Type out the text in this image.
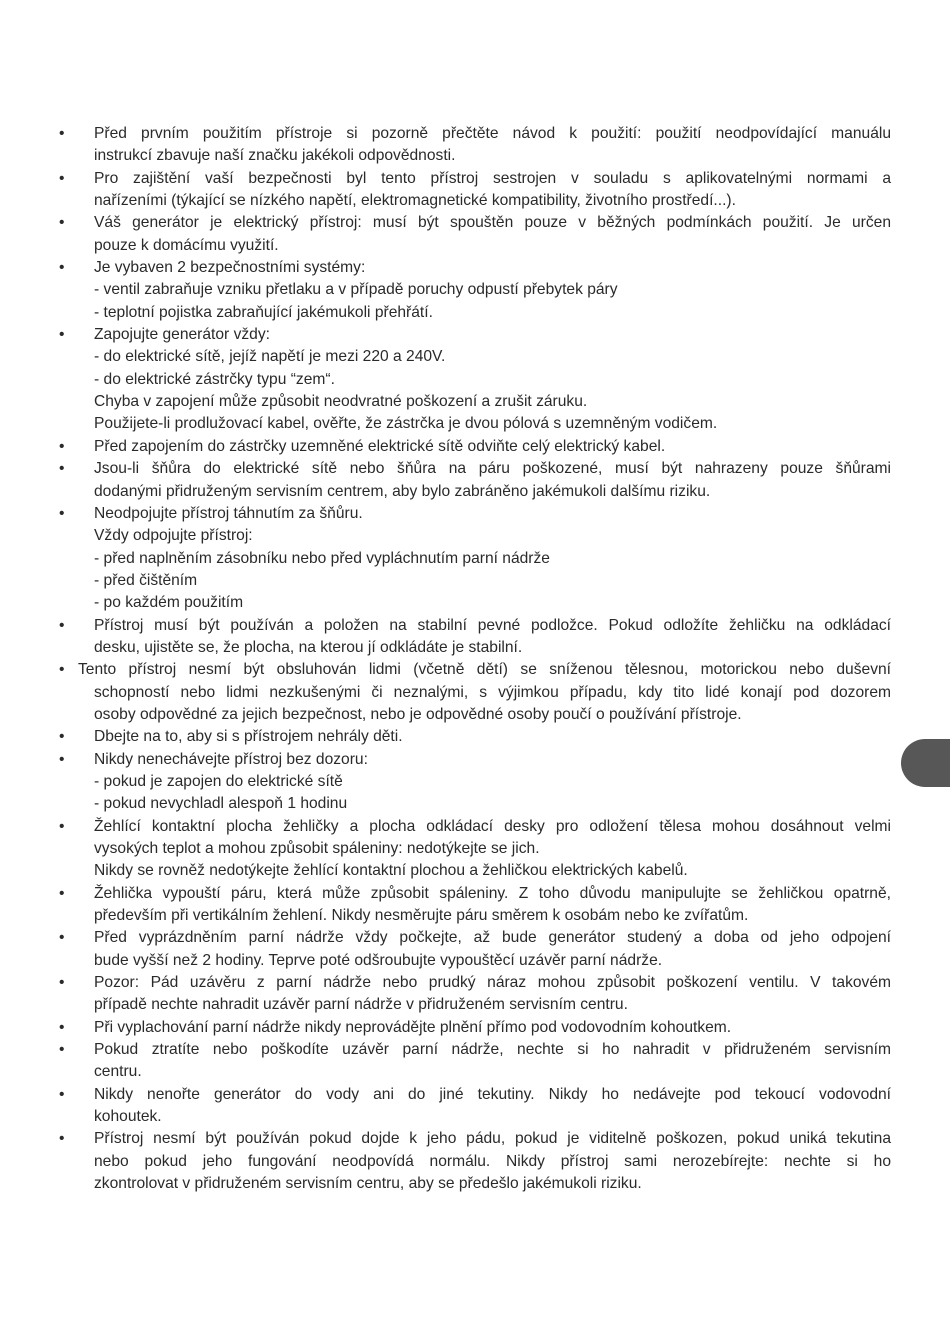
• Před prvním použitím přístroje si pozorně přečtěte návod k použití: použití neodpovídající manuálu
instrukcí zbavuje naší značku jakékoli odpovědnosti.
• Pro zajištění vaší bezpečnosti byl tento přístroj sestrojen v souladu s aplikovatelnými normami a
nařízeními (týkající se nízkého napětí, elektromagnetické kompatibility, životního prostředí...).
• Váš generátor je elektrický přístroj: musí být spouštěn pouze v běžných podmínkách použití. Je určen
pouze k domácímu využití.
• Je vybaven 2 bezpečnostními systémy:
- ventil zabraňuje vzniku přetlaku a v případě poruchy odpustí přebytek páry
- teplotní pojistka zabraňující jakémukoli přehřátí.
• Zapojujte generátor vždy:
- do elektrické sítě, jejíž napětí je mezi 220 a 240V.
- do elektrické zástrčky typu “zem“.
Chyba v zapojení může způsobit neodvratné poškození a zrušit záruku.
Použijete-li prodlužovací kabel, ověřte, že zástrčka je dvou pólová s uzemněným vodičem.
• Před zapojením do zástrčky uzemněné elektrické sítě odviňte celý elektrický kabel.
• Jsou-li šňůra do elektrické sítě nebo šňůra na páru poškozené, musí být nahrazeny pouze šňůrami
dodanými přidruženým servisním centrem, aby bylo zabráněno jakémukoli dalšímu riziku.
• Neodpojujte přístroj táhnutím za šňůru.
Vždy odpojujte přístroj:
- před naplněním zásobníku nebo před vypláchnutím parní nádrže
- před čištěním
- po každém použitím
• Přístroj musí být používán a položen na stabilní pevné podložce. Pokud odložíte žehličku na odkládací
desku, ujistěte se, že plocha, na kterou jí odkládáte je stabilní.
• Tento přístroj nesmí být obsluhován lidmi (včetně dětí) se sníženou tělesnou, motorickou nebo duševní
schopností nebo lidmi nezkušenými či neznalými, s výjimkou případu, kdy tito lidé konají pod dozorem
osoby odpovědné za jejich bezpečnost, nebo je odpovědné osoby poučí o používání přístroje.
• Dbejte na to, aby si s přístrojem nehrály děti.
• Nikdy nenechávejte přístroj bez dozoru:
- pokud je zapojen do elektrické sítě
- pokud nevychladl alespoň 1 hodinu
• Žehlící kontaktní plocha žehličky a plocha odkládací desky pro odložení tělesa mohou dosáhnout velmi
vysokých teplot a mohou způsobit spáleniny: nedotýkejte se jich.
Nikdy se rovněž nedotýkejte žehlící kontaktní plochou a žehličkou elektrických kabelů.
• Žehlička vypouští páru, která může způsobit spáleniny. Z toho důvodu manipulujte se žehličkou opatrně,
především při vertikálním žehlení. Nikdy nesměrujte páru směrem k osobám nebo ke zvířatům.
• Před vyprázdněním parní nádrže vždy počkejte, až bude generátor studený a doba od jeho odpojení
bude vyšší než 2 hodiny. Teprve poté odšroubujte vypouštěcí uzávěr parní nádrže.
• Pozor: Pád uzávěru z parní nádrže nebo prudký náraz mohou způsobit poškození ventilu. V takovém
případě nechte nahradit uzávěr parní nádrže v přidruženém servisním centru.
• Při vyplachování parní nádrže nikdy neprovádějte plnění přímo pod vodovodním kohoutkem.
• Pokud ztratíte nebo poškodíte uzávěr parní nádrže, nechte si ho nahradit v přidruženém servisním
centru.
• Nikdy nenořte generátor do vody ani do jiné tekutiny. Nikdy ho nedávejte pod tekoucí vodovodní
kohoutek.
• Přístroj nesmí být používán pokud dojde k jeho pádu, pokud je viditelně poškozen, pokud uniká tekutina
nebo pokud jeho fungování neodpovídá normálu. Nikdy přístroj sami nerozebírejte: nechte si ho
zkontrolovat v přidruženém servisním centru, aby se předešlo jakémukoli riziku.
